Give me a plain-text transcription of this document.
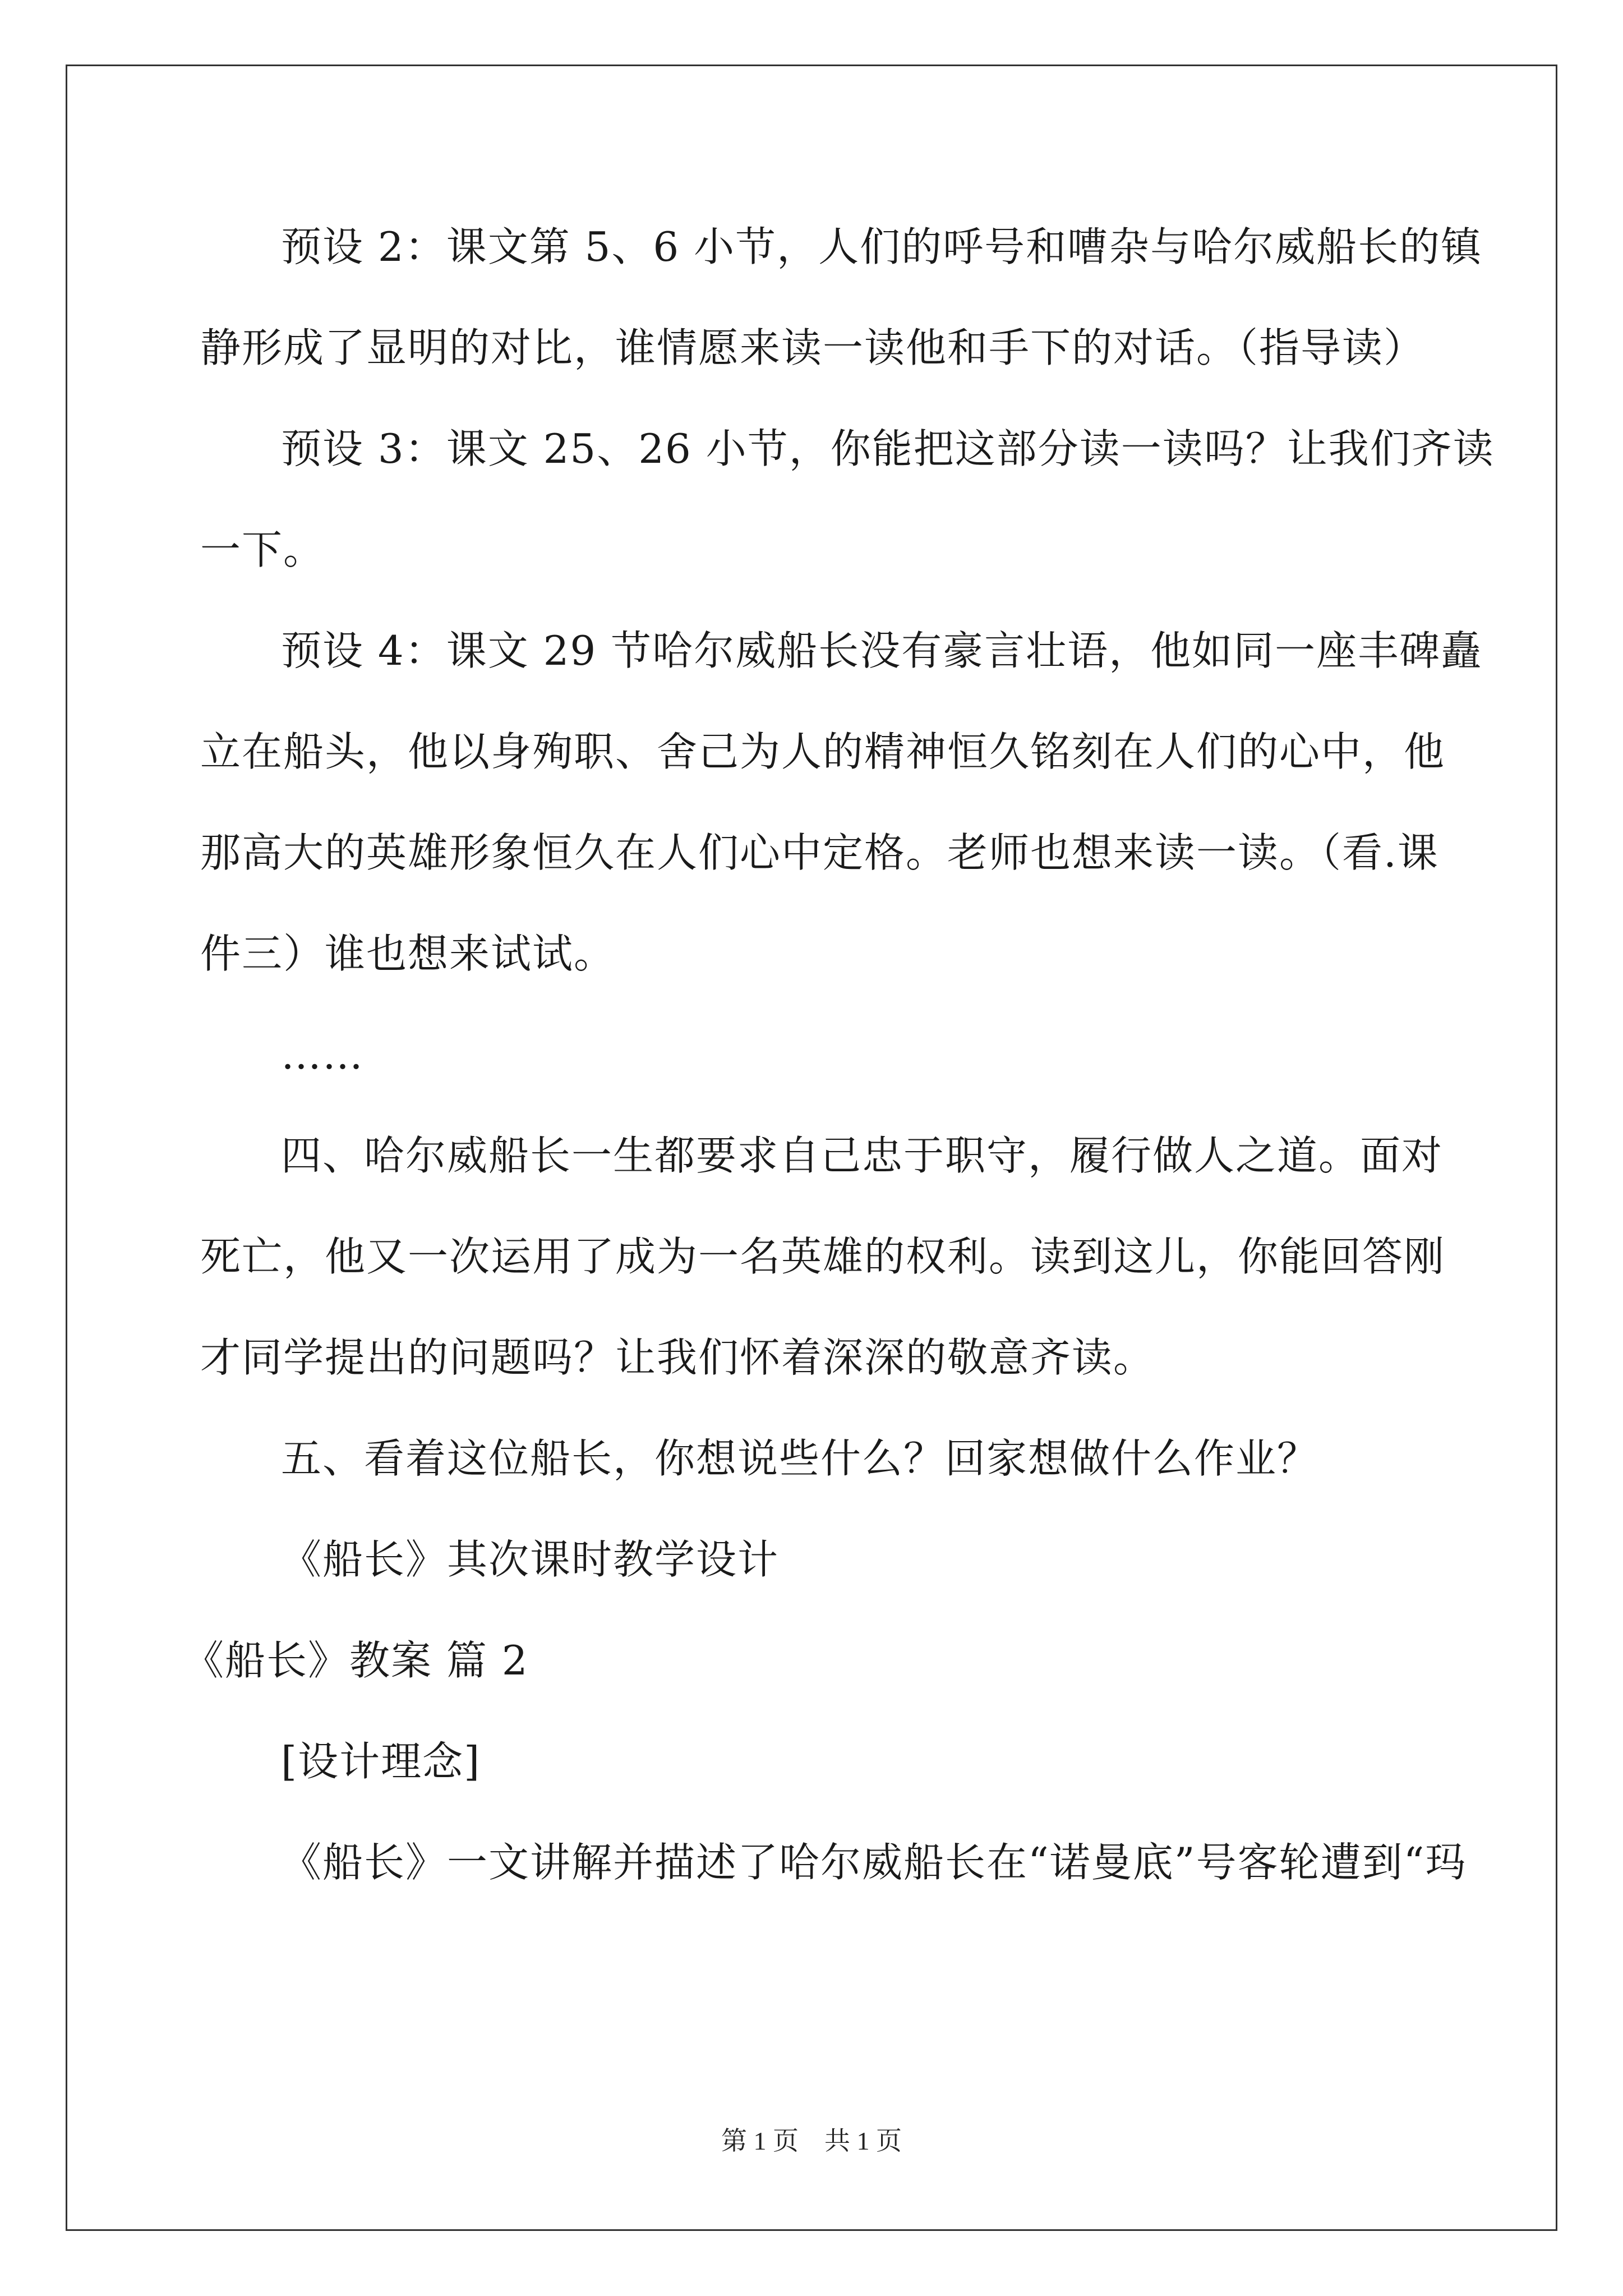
预设 2：课文第 5、6 小节，人们的呼号和嘈杂与哈尔威船长的镇
静形成了显明的对比，谁情愿来读一读他和手下的对话。（指导读）
预设 3：课文 25、26 小节，你能把这部分读一读吗？让我们齐读
一下。
预设 4：课文 29 节哈尔威船长没有豪言壮语，他如同一座丰碑矗
立在船头，他以身殉职、舍己为人的精神恒久铭刻在人们的心中，他
那高大的英雄形象恒久在人们心中定格。老师也想来读一读。（看.课
件三）谁也想来试试。
……
四、哈尔威船长一生都要求自己忠于职守，履行做人之道。面对
死亡，他又一次运用了成为一名英雄的权利。读到这儿，你能回答刚
才同学提出的问题吗？让我们怀着深深的敬意齐读。
五、看着这位船长，你想说些什么？回家想做什么作业？
《船长》其次课时教学设计
《船长》教案 篇 2
[设计理念]
《船长》一文讲解并描述了哈尔威船长在“诺曼底”号客轮遭到“玛
第 1 页　共 1 页
